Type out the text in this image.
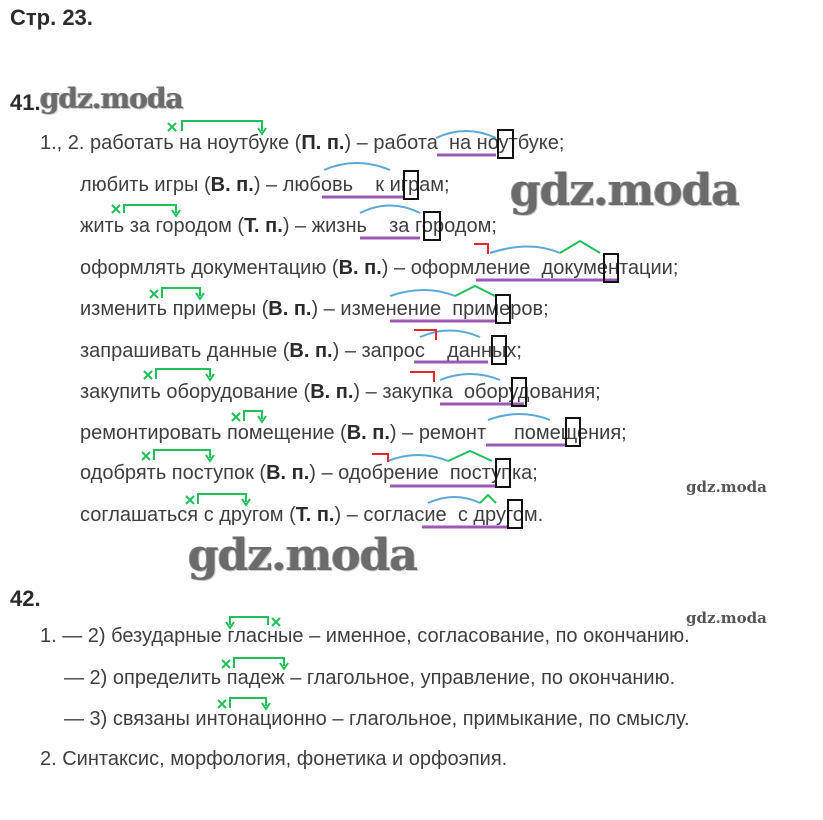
Стр. 23.
41. gdz.moda
1., 2. работать на ноутбуке (П. п.) – работа на ноутбуке;
любить игры (В. п.) – любовь к играм;
жить за городом (Т. п.) – жизнь за городом;
оформлять документацию (В. п.) – оформление документации;
изменить примеры (В. п.) – изменение примеров;
запрашивать данные (В. п.) – запрос данных;
закупить оборудование (В. п.) – закупка оборудования;
ремонтировать помещение (В. п.) – ремонт помещения;
одобрять поступок (В. п.) – одобрение поступка;
соглашаться с другом (Т. п.) – согласие с другом.
gdz.moda
gdz.moda
gdz.moda
gdz.moda
42.
1. — 2) безударные гласные – именное, согласование, по окончанию.
— 2) определить падеж – глагольное, управление, по окончанию.
— 3) связаны интонационно – глагольное, примыкание, по смыслу.
2. Синтаксис, морфология, фонетика и орфоэпия.
